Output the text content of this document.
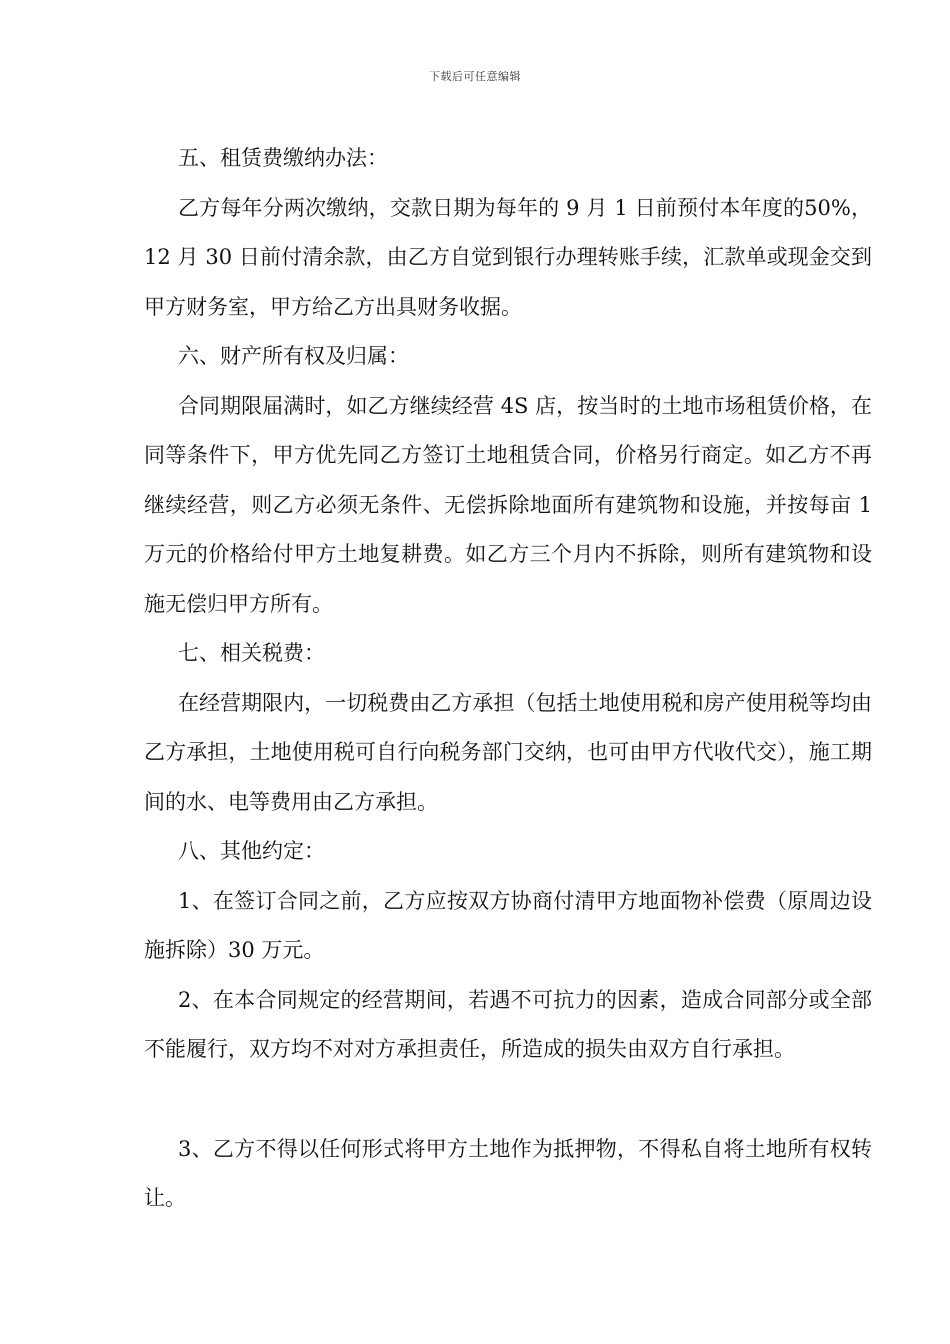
下载后可任意编辑

五、租赁费缴纳办法：

乙方每年分两次缴纳，交款日期为每年的 9 月 1 日前预付本年度的50%，12 月 30 日前付清余款，由乙方自觉到银行办理转账手续，汇款单或现金交到甲方财务室，甲方给乙方出具财务收据。

六、财产所有权及归属：

合同期限届满时，如乙方继续经营 4S 店，按当时的土地市场租赁价格，在同等条件下，甲方优先同乙方签订土地租赁合同，价格另行商定。如乙方不再继续经营，则乙方必须无条件、无偿拆除地面所有建筑物和设施，并按每亩 1 万元的价格给付甲方土地复耕费。如乙方三个月内不拆除，则所有建筑物和设施无偿归甲方所有。

七、相关税费：

在经营期限内，一切税费由乙方承担（包括土地使用税和房产使用税等均由乙方承担，土地使用税可自行向税务部门交纳，也可由甲方代收代交），施工期间的水、电等费用由乙方承担。

八、其他约定：

1、在签订合同之前，乙方应按双方协商付清甲方地面物补偿费（原周边设施拆除）30 万元。

2、在本合同规定的经营期间，若遇不可抗力的因素，造成合同部分或全部不能履行，双方均不对对方承担责任，所造成的损失由双方自行承担。

3、乙方不得以任何形式将甲方土地作为抵押物，不得私自将土地所有权转让。
